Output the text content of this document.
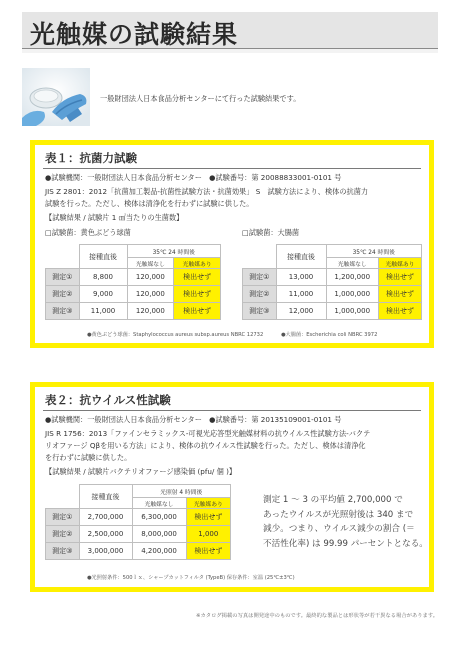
光触媒の試験結果
一般財団法人日本食品分析センターにて行った試験結果です。
表１：抗菌力試験
●試験機関：一般財団法人日本食品分析センター　●試験番号：第 20088833001-0101 号
JIS Z 2801：2012「抗菌加工製品-抗菌性試験方法・抗菌効果」 S　試験方法により、検体の抗菌力
試験を行った。ただし、検体は清浄化を行わずに試験に供した。
【試験結果 / 試験片 1 ㎠当たりの生菌数】
□試験菌：黄色ぶどう球菌	□試験菌：大腸菌
	接種直後	35℃ 24 時間後	
		光触媒なし	光触媒あり
測定①	8,800	120,000	検出せず
測定②	9,000	120,000	検出せず
測定③	11,000	120,000	検出せず
	接種直後	35℃ 24 時間後	
		光触媒なし	光触媒あり
測定①	13,000	1,200,000	検出せず
測定②	11,000	1,000,000	検出せず
測定③	12,000	1,000,000	検出せず
●黄色ぶどう球菌：Staphylococcus aureus subsp.aureus NBRC 12732	●大腸菌：Escherichia coli NBRC 3972
表２：抗ウイルス性試験
●試験機関：一般財団法人日本食品分析センター　●試験番号：第 20135109001-0101 号
JIS R 1756：2013「ファインセラミックス-可視光応答型光触媒材料の抗ウイルス性試験方法-バクテ
リオファージ Qβを用いる方法」により、検体の抗ウイルス性試験を行った。ただし、検体は清浄化
を行わずに試験に供した。
【試験結果 / 試験片バクテリオファージ感染価 (pfu/ 個 )】
	接種直後	光照射 4 時間後	
		光触媒なし	光触媒あり
測定①	2,700,000	6,300,000	検出せず
測定②	2,500,000	8,000,000	1,000
測定③	3,000,000	4,200,000	検出せず
測定 1 〜 3 の平均値 2,700,000 で
あったウイルスが光照射後は 340 まで
減少。つまり、ウイルス減少の割合 (＝
不活性化率) は 99.99 パーセントとなる。
●光照射条件：500ｌｘ、シャープカットフィルタ (TypeB) 保存条件：室温 (25℃±3℃)
※カタログ掲載の写真は開発途中のものです。最終的な製品とは形状等が若干異なる場合があります。
